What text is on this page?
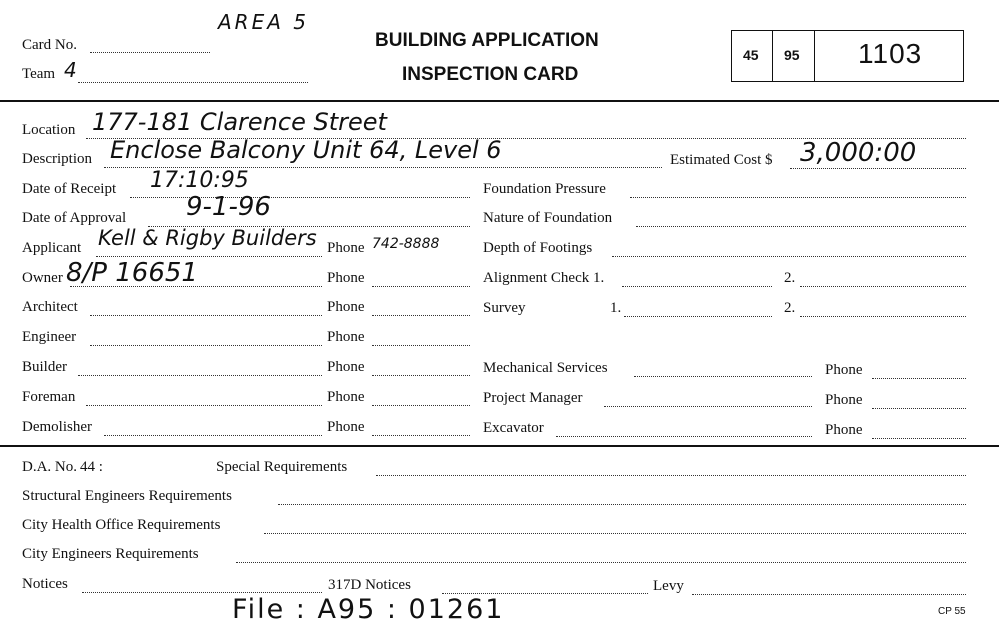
AREA 5
Card No.
Team 4
BUILDING APPLICATION
INSPECTION CARD
45 95 1103
Location 177-181 Clarence Street
Description Enclose Balcony Unit 64, Level 6	Estimated Cost $ 3,000:00
Date of Receipt 17:10:95	Foundation Pressure
Date of Approval 9-1-96	Nature of Foundation
Applicant Kell & Rigby Builders Phone 742-8888	Depth of Footings
Owner 8/P 16651	Phone	Alignment Check 1.	2.
Architect	Phone	Survey	1.	2.
Engineer	Phone
Builder	Phone	Mechanical Services	Phone
Foreman	Phone	Project Manager	Phone
Demolisher	Phone	Excavator	Phone
D.A. No. 44 :	Special Requirements
Structural Engineers Requirements
City Health Office Requirements
City Engineers Requirements
Notices	317D Notices	Levy
File : A95 : 01261	CP 55
